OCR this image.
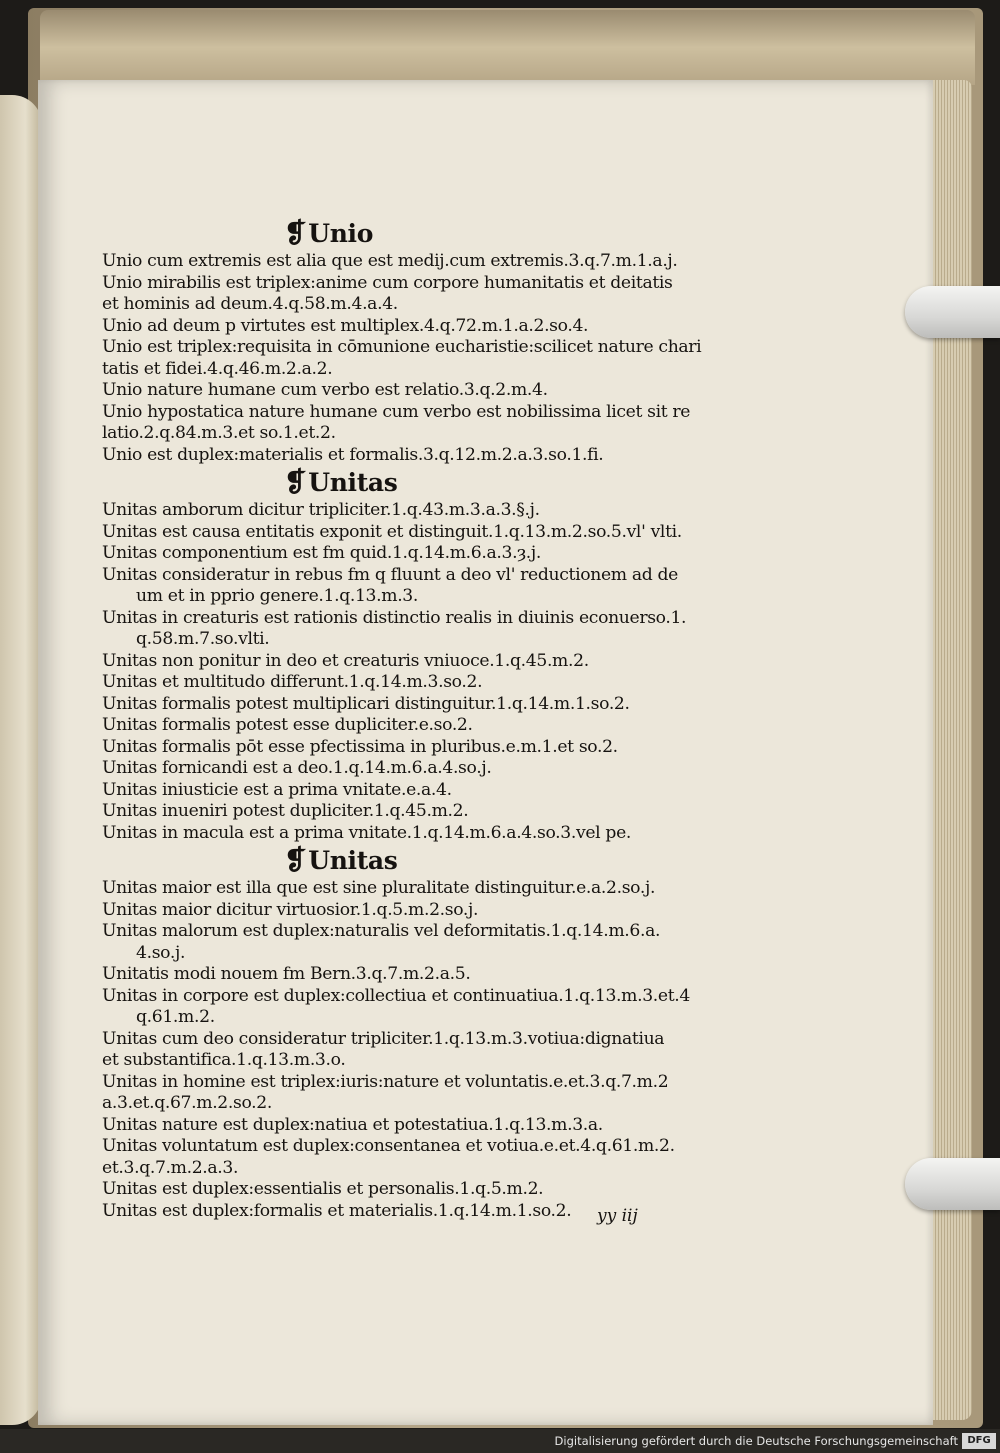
❡Unio
Unio cum extremis est alia que est medij.cum extremis.3.q.7.m.1.a.j.
Unio mirabilis est triplex:anime cum corpore humanitatis et deitatis
et hominis ad deum.4.q.58.m.4.a.4.
Unio ad deum p virtutes est multiplex.4.q.72.m.1.a.2.so.4.
Unio est triplex:requisita in cōmunione eucharistie:scilicet nature chari
tatis et fidei.4.q.46.m.2.a.2.
Unio nature humane cum verbo est relatio.3.q.2.m.4.
Unio hypostatica nature humane cum verbo est nobilissima licet sit re
latio.2.q.84.m.3.et so.1.et.2.
Unio est duplex:materialis et formalis.3.q.12.m.2.a.3.so.1.fi.
❡Unitas
Unitas amborum dicitur tripliciter.1.q.43.m.3.a.3.§.j.
Unitas est causa entitatis exponit et distinguit.1.q.13.m.2.so.5.vl' vlti.
Unitas componentium est fm quid.1.q.14.m.6.a.3.ȝ.j.
Unitas consideratur in rebus fm q fluunt a deo vl' reductionem ad de
um et in pprio genere.1.q.13.m.3.
Unitas in creaturis est rationis distinctio realis in diuinis econuerso.1.
q.58.m.7.so.vlti.
Unitas non ponitur in deo et creaturis vniuoce.1.q.45.m.2.
Unitas et multitudo differunt.1.q.14.m.3.so.2.
Unitas formalis potest multiplicari distinguitur.1.q.14.m.1.so.2.
Unitas formalis potest esse dupliciter.e.so.2.
Unitas formalis pōt esse pfectissima in pluribus.e.m.1.et so.2.
Unitas fornicandi est a deo.1.q.14.m.6.a.4.so.j.
Unitas iniusticie est a prima vnitate.e.a.4.
Unitas inueniri potest dupliciter.1.q.45.m.2.
Unitas in macula est a prima vnitate.1.q.14.m.6.a.4.so.3.vel pe.
❡Unitas
Unitas maior est illa que est sine pluralitate distinguitur.e.a.2.so.j.
Unitas maior dicitur virtuosior.1.q.5.m.2.so.j.
Unitas malorum est duplex:naturalis vel deformitatis.1.q.14.m.6.a.
4.so.j.
Unitatis modi nouem fm Bern.3.q.7.m.2.a.5.
Unitas in corpore est duplex:collectiua et continuatiua.1.q.13.m.3.et.4
q.61.m.2.
Unitas cum deo consideratur tripliciter.1.q.13.m.3.votiua:dignatiua
et substantifica.1.q.13.m.3.o.
Unitas in homine est triplex:iuris:nature et voluntatis.e.et.3.q.7.m.2
a.3.et.q.67.m.2.so.2.
Unitas nature est duplex:natiua et potestatiua.1.q.13.m.3.a.
Unitas voluntatum est duplex:consentanea et votiua.e.et.4.q.61.m.2.
et.3.q.7.m.2.a.3.
Unitas est duplex:essentialis et personalis.1.q.5.m.2.
Unitas est duplex:formalis et materialis.1.q.14.m.1.so.2.	yy iij
Digitalisierung gefördert durch die Deutsche Forschungsgemeinschaft DFG
